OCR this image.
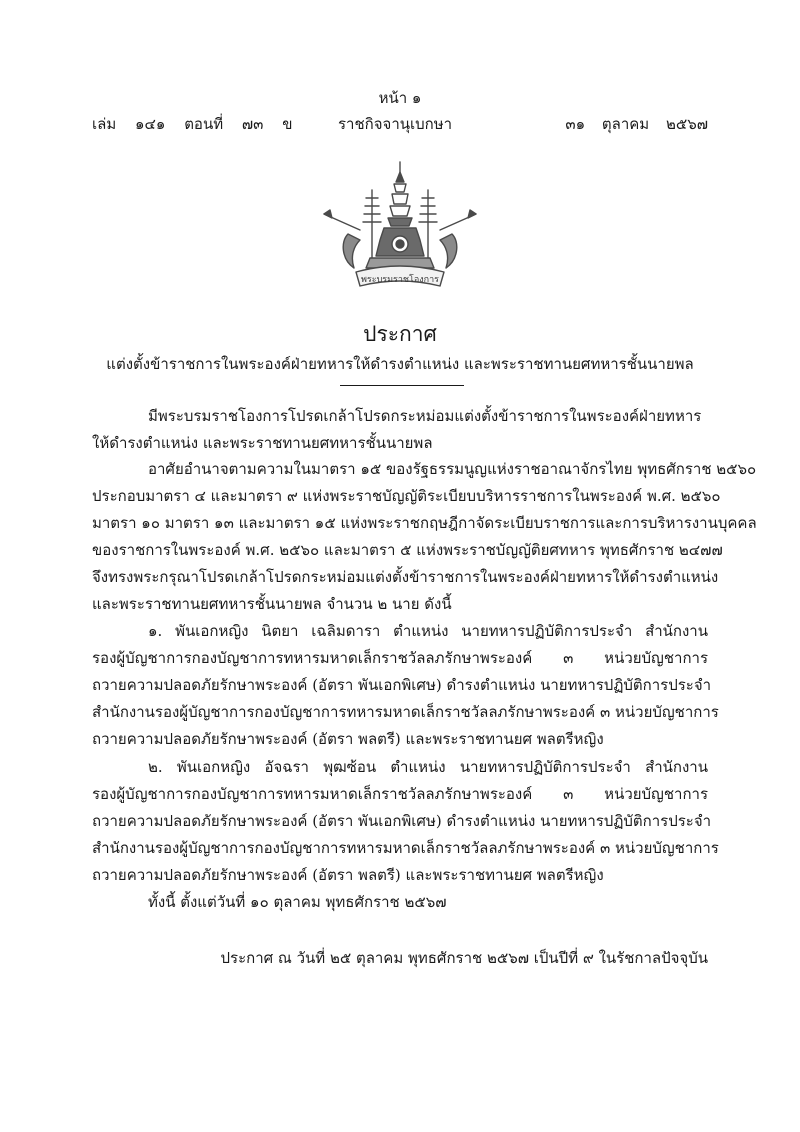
หน้า ๑
เล่ม ๑๔๑ ตอนที่ ๗๓ ข	ราชกิจจานุเบกษา	๓๑ ตุลาคม ๒๕๖๗
พระบรมราชโองการ
ประกาศ
แต่งตั้งข้าราชการในพระองค์ฝ่ายทหารให้ดำรงตำแหน่ง และพระราชทานยศทหารชั้นนายพล
มีพระบรมราชโองการโปรดเกล้าโปรดกระหม่อมแต่งตั้งข้าราชการในพระองค์ฝ่ายทหาร
ให้ดำรงตำแหน่ง และพระราชทานยศทหารชั้นนายพล
อาศัยอำนาจตามความในมาตรา ๑๕ ของรัฐธรรมนูญแห่งราชอาณาจักรไทย พุทธศักราช ๒๕๖๐
ประกอบมาตรา ๔ และมาตรา ๙ แห่งพระราชบัญญัติระเบียบบริหารราชการในพระองค์ พ.ศ. ๒๕๖๐
มาตรา ๑๐ มาตรา ๑๓ และมาตรา ๑๕ แห่งพระราชกฤษฎีกาจัดระเบียบราชการและการบริหารงานบุคคล
ของราชการในพระองค์ พ.ศ. ๒๕๖๐ และมาตรา ๕ แห่งพระราชบัญญัติยศทหาร พุทธศักราช ๒๔๗๗
จึงทรงพระกรุณาโปรดเกล้าโปรดกระหม่อมแต่งตั้งข้าราชการในพระองค์ฝ่ายทหารให้ดำรงตำแหน่ง
และพระราชทานยศทหารชั้นนายพล จำนวน ๒ นาย ดังนี้
๑. พันเอกหญิง นิตยา เฉลิมดารา ตำแหน่ง นายทหารปฏิบัติการประจำ สำนักงาน
รองผู้บัญชาการกองบัญชาการทหารมหาดเล็กราชวัลลภรักษาพระองค์ ๓ หน่วยบัญชาการ
ถวายความปลอดภัยรักษาพระองค์ (อัตรา พันเอกพิเศษ) ดำรงตำแหน่ง นายทหารปฏิบัติการประจำ
สำนักงานรองผู้บัญชาการกองบัญชาการทหารมหาดเล็กราชวัลลภรักษาพระองค์ ๓ หน่วยบัญชาการ
ถวายความปลอดภัยรักษาพระองค์ (อัตรา พลตรี) และพระราชทานยศ พลตรีหญิง
๒. พันเอกหญิง อัจฉรา พุฒซ้อน ตำแหน่ง นายทหารปฏิบัติการประจำ สำนักงาน
รองผู้บัญชาการกองบัญชาการทหารมหาดเล็กราชวัลลภรักษาพระองค์ ๓ หน่วยบัญชาการ
ถวายความปลอดภัยรักษาพระองค์ (อัตรา พันเอกพิเศษ) ดำรงตำแหน่ง นายทหารปฏิบัติการประจำ
สำนักงานรองผู้บัญชาการกองบัญชาการทหารมหาดเล็กราชวัลลภรักษาพระองค์ ๓ หน่วยบัญชาการ
ถวายความปลอดภัยรักษาพระองค์ (อัตรา พลตรี) และพระราชทานยศ พลตรีหญิง
ทั้งนี้ ตั้งแต่วันที่ ๑๐ ตุลาคม พุทธศักราช ๒๕๖๗
ประกาศ ณ วันที่ ๒๕ ตุลาคม พุทธศักราช ๒๕๖๗ เป็นปีที่ ๙ ในรัชกาลปัจจุบัน
